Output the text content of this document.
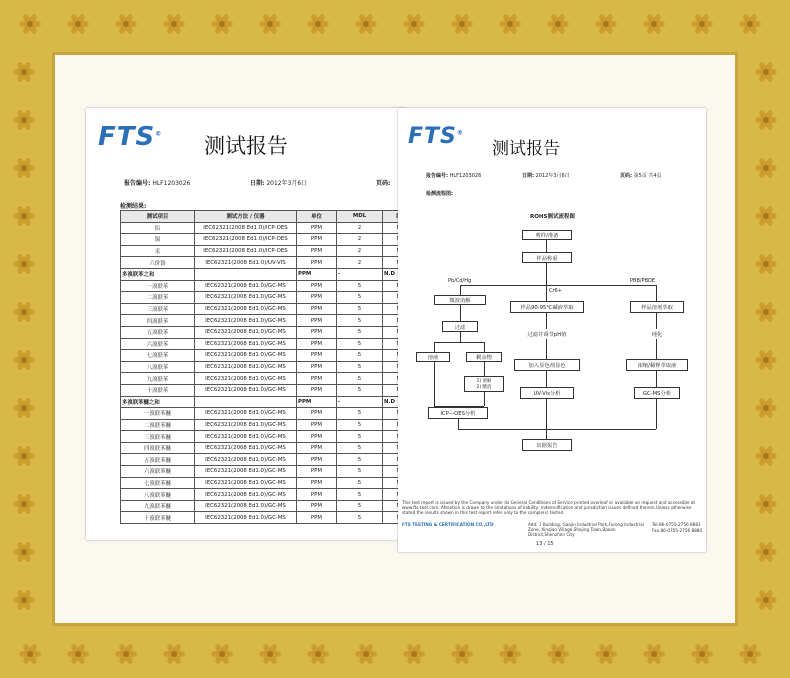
FTS®
测试报告
报告编号: HLF1203026	日期: 2012年3月6日	页码:
检测结果:
测试项目	测试方法 / 仪器	单位	MDL	
铅	IEC62321(2008 Ed1.0)/ICP-OES	PPM	2	
镉	IEC62321(2008 Ed1.0)/ICP-OES	PPM	2	
汞	IEC62321(2008 Ed1.0)/ICP-OES	PPM	2	
六价铬	IEC62321(2008 Ed1.0)/UV-VIS	PPM	2	
多溴联苯之和		PPM	-	N.D
一溴联苯	IEC62321(2008 Ed1.0)/GC-MS	PPM	5	
二溴联苯	IEC62321(2008 Ed1.0)/GC-MS	PPM	5	
三溴联苯	IEC62321(2008 Ed1.0)/GC-MS	PPM	5	
四溴联苯	IEC62321(2008 Ed1.0)/GC-MS	PPM	5	
五溴联苯	IEC62321(2008 Ed1.0)/GC-MS	PPM	5	
六溴联苯	IEC62321(2008 Ed1.0)/GC-MS	PPM	5	
七溴联苯	IEC62321(2008 Ed1.0)/GC-MS	PPM	5	
八溴联苯	IEC62321(2008 Ed1.0)/GC-MS	PPM	5	
九溴联苯	IEC62321(2008 Ed1.0)/GC-MS	PPM	5	
十溴联苯	IEC62321(2008 Ed1.0)/GC-MS	PPM	5	
多溴联苯醚之和		PPM	-	N.D
一溴联苯醚	IEC62321(2008 Ed1.0)/GC-MS	PPM	5	
二溴联苯醚	IEC62321(2008 Ed1.0)/GC-MS	PPM	5	
三溴联苯醚	IEC62321(2008 Ed1.0)/GC-MS	PPM	5	
四溴联苯醚	IEC62321(2008 Ed1.0)/GC-MS	PPM	5	
五溴联苯醚	IEC62321(2008 Ed1.0)/GC-MS	PPM	5	
六溴联苯醚	IEC62321(2008 Ed1.0)/GC-MS	PPM	5	
七溴联苯醚	IEC62321(2008 Ed1.0)/GC-MS	PPM	5	
八溴联苯醚	IEC62321(2008 Ed1.0)/GC-MS	PPM	5	
九溴联苯醚	IEC62321(2008 Ed1.0)/GC-MS	PPM	5	
十溴联苯醚	IEC62321(2008 Ed1.0)/GC-MS	PPM	5	
FTS®
测试报告
报告编号: HLF1203026	日期: 2012年3月6日	页码: 第5页 共4页
检测流程图:
ROHS测试流程图
剪样/准备
样品称重
Pb/Cd/Hg
Cr6+
PBB/PBDE
微波消解
过滤
溶液	剩余物
1) 溶解
2) 酸消
ICP—OES分析
样品90-95℃碱液萃取
过滤并调节pH值
加入显色剂显色
UV-Vis分析
样品溶剂萃取
纯化
浓缩/稀释萃取液
GC-MS分析
出据报告
This test report is issued by the Company under its General Conditions of Service printed overleaf or available on request and accessible at www.fts-test.com. Attention is drawn to the limitations of liability, indemnification and jurisdiction issues defined therein.Unless otherwise stated the results shown in this test report refer only to the sample(s) tested.
FTS TESTING & CERTIFICATION CO.,LTD	Add: 1 Building, Gaojin Industrial Park,Furong Industrial Zone, Xinqiao Village,Shajing Town,Baoan District,Shenzhen City
Tel:86-0755-2756 8881
Fax:86-0755-2756 8880
13 / 15
